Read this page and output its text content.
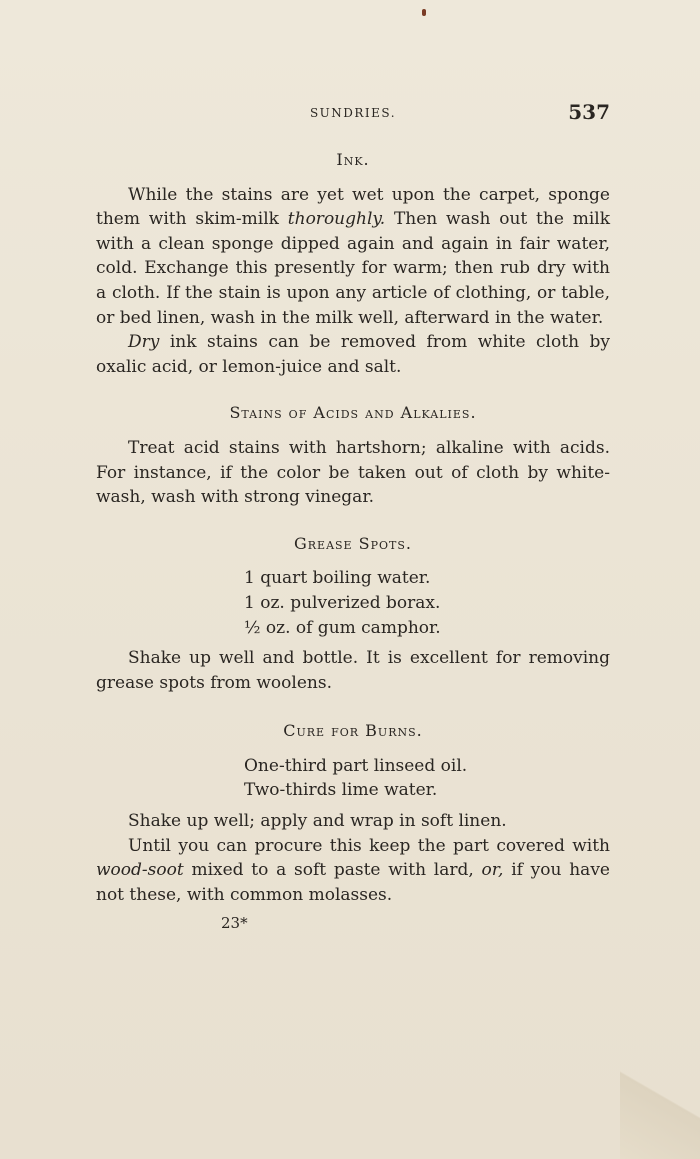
SUNDRIES.	537
Ink.

While the stains are yet wet upon the carpet, sponge them with skim-milk thoroughly. Then wash out the milk with a clean sponge dipped again and again in fair water, cold. Exchange this presently for warm; then rub dry with a cloth. If the stain is upon any article of clothing, or table, or bed linen, wash in the milk well, afterward in the water.

Dry ink stains can be removed from white cloth by oxalic acid, or lemon-juice and salt.

Stains of Acids and Alkalies.

Treat acid stains with hartshorn; alkaline with acids. For instance, if the color be taken out of cloth by white-wash, wash with strong vinegar.

Grease Spots.
1 quart boiling water.
1 oz. pulverized borax.
½ oz. of gum camphor.

Shake up well and bottle. It is excellent for removing grease spots from woolens.

Cure for Burns.
One-third part linseed oil.
Two-thirds lime water.

Shake up well; apply and wrap in soft linen.

Until you can procure this keep the part covered with wood-soot mixed to a soft paste with lard, or, if you have not these, with common molasses.

23*
